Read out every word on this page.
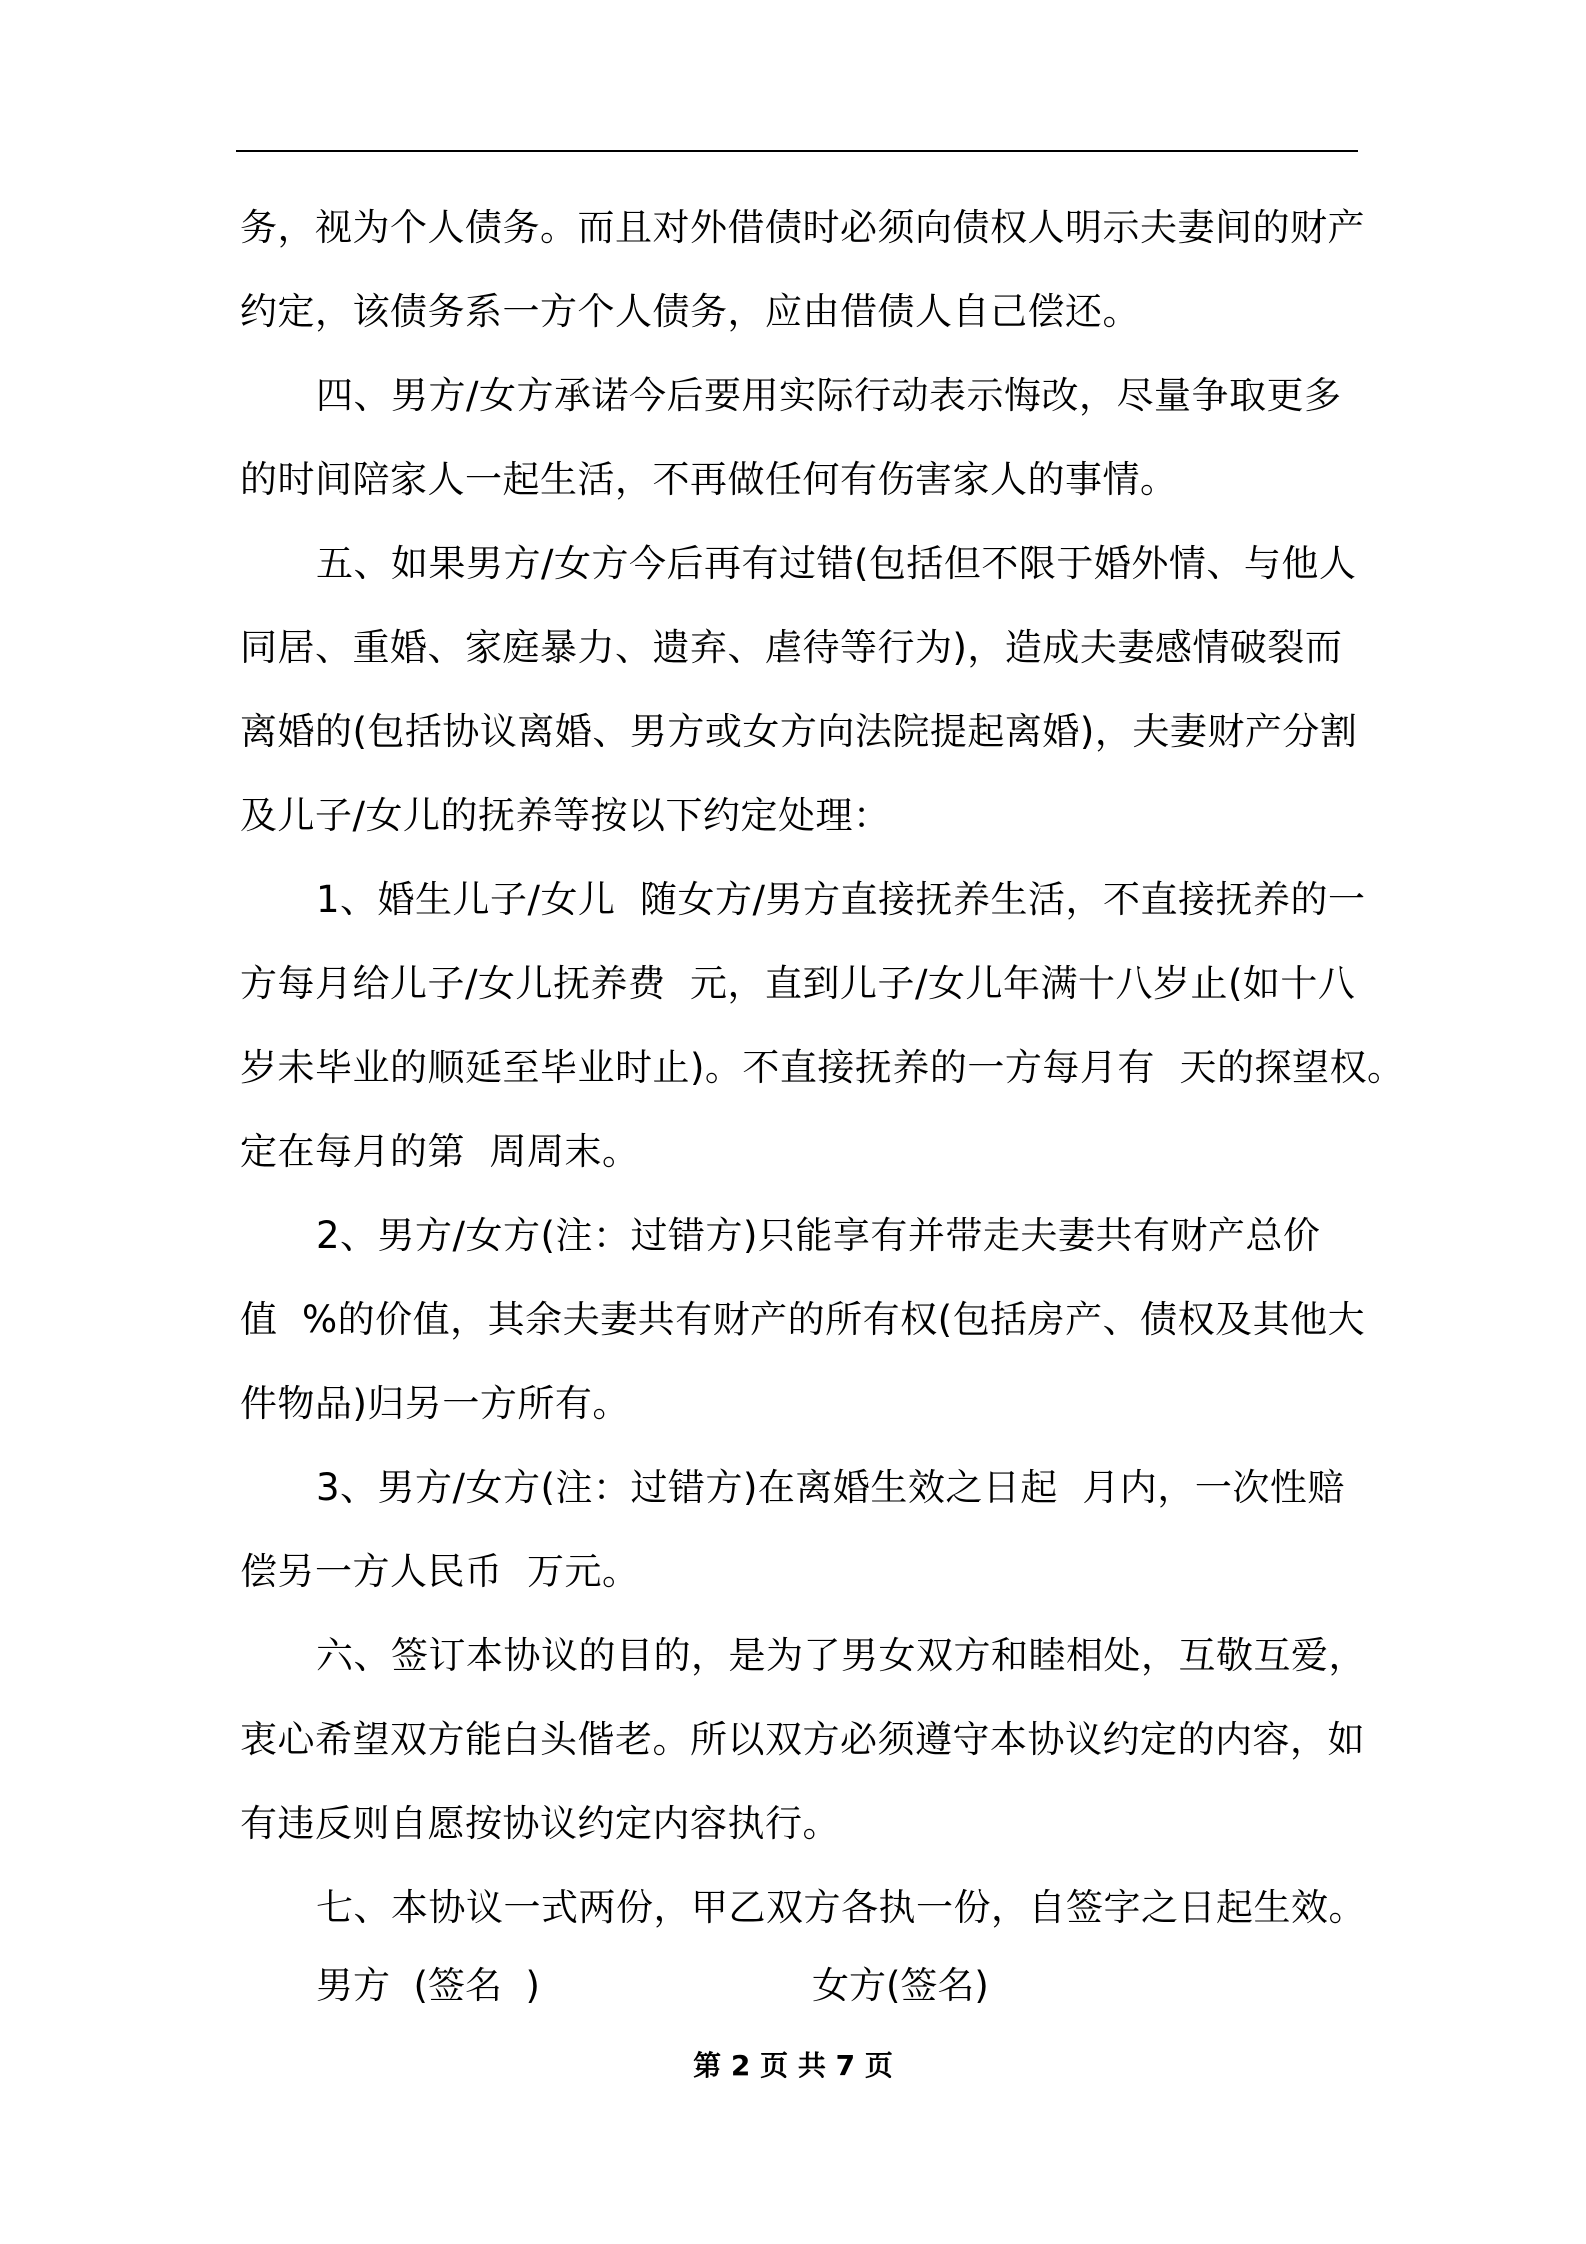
务，视为个人债务。而且对外借债时必须向债权人明示夫妻间的财产
约定，该债务系一方个人债务，应由借债人自己偿还。
四、男方/女方承诺今后要用实际行动表示悔改，尽量争取更多
的时间陪家人一起生活，不再做任何有伤害家人的事情。
五、如果男方/女方今后再有过错(包括但不限于婚外情、与他人
同居、重婚、家庭暴力、遗弃、虐待等行为)，造成夫妻感情破裂而
离婚的(包括协议离婚、男方或女方向法院提起离婚)，夫妻财产分割
及儿子/女儿的抚养等按以下约定处理：
1、婚生儿子/女儿  随女方/男方直接抚养生活，不直接抚养的一
方每月给儿子/女儿抚养费  元，直到儿子/女儿年满十八岁止(如十八
岁未毕业的顺延至毕业时止)。不直接抚养的一方每月有  天的探望权。
定在每月的第  周周末。
2、男方/女方(注：过错方)只能享有并带走夫妻共有财产总价
值  %的价值，其余夫妻共有财产的所有权(包括房产、债权及其他大
件物品)归另一方所有。
3、男方/女方(注：过错方)在离婚生效之日起  月内，一次性赔
偿另一方人民币  万元。
六、签订本协议的目的，是为了男女双方和睦相处，互敬互爱，
衷心希望双方能白头偕老。所以双方必须遵守本协议约定的内容，如
有违反则自愿按协议约定内容执行。
七、本协议一式两份，甲乙双方各执一份，自签字之日起生效。
男方  (签名  )	女方(签名)
第 2 页 共 7 页
